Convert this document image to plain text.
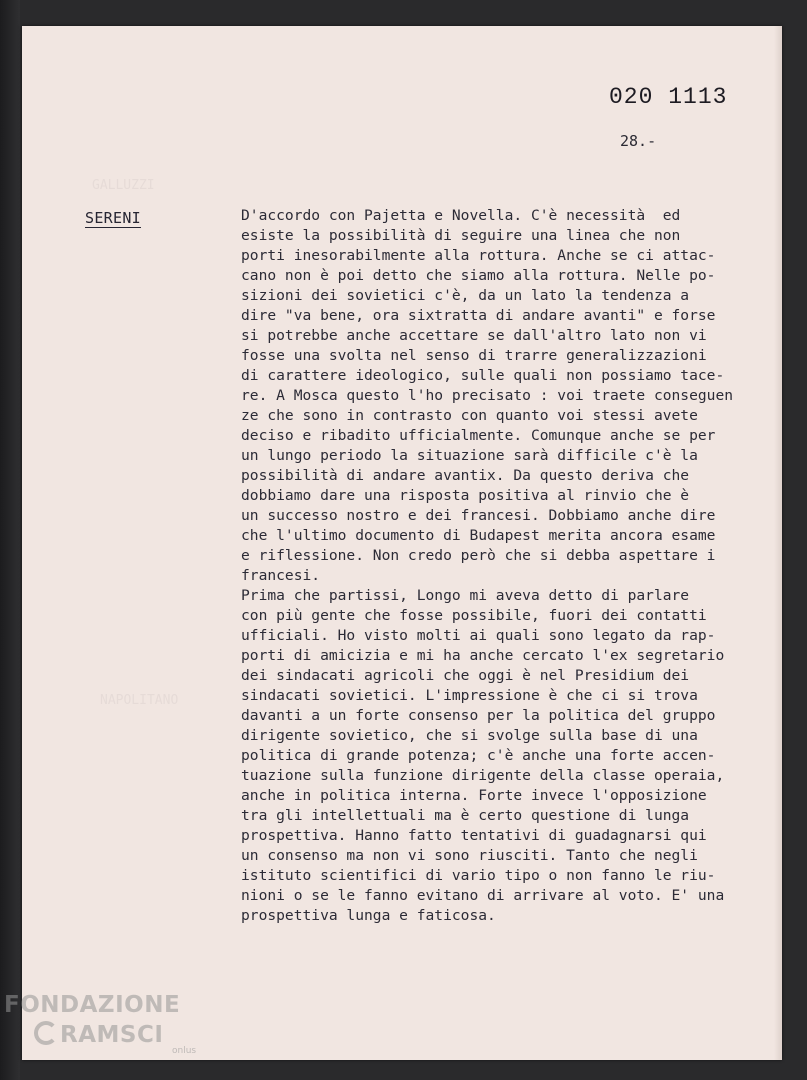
GALLUZZI
NAPOLITANO
020 1113
28.-
SERENI	D'accordo con Pajetta e Novella. C'è necessità  ed
esiste la possibilità di seguire una linea che non
porti inesorabilmente alla rottura. Anche se ci attac-
cano non è poi detto che siamo alla rottura. Nelle po-
sizioni dei sovietici c'è, da un lato la tendenza a
dire "va bene, ora sixtratta di andare avanti" e forse
si potrebbe anche accettare se dall'altro lato non vi
fosse una svolta nel senso di trarre generalizzazioni
di carattere ideologico, sulle quali non possiamo tace-
re. A Mosca questo l'ho precisato : voi traete conseguen
ze che sono in contrasto con quanto voi stessi avete
deciso e ribadito ufficialmente. Comunque anche se per
un lungo periodo la situazione sarà difficile c'è la
possibilità di andare avantix. Da questo deriva che
dobbiamo dare una risposta positiva al rinvio che è
un successo nostro e dei francesi. Dobbiamo anche dire
che l'ultimo documento di Budapest merita ancora esame
e riflessione. Non credo però che si debba aspettare i
francesi.
Prima che partissi, Longo mi aveva detto di parlare
con più gente che fosse possibile, fuori dei contatti
ufficiali. Ho visto molti ai quali sono legato da rap-
porti di amicizia e mi ha anche cercato l'ex segretario
dei sindacati agricoli che oggi è nel Presidium dei
sindacati sovietici. L'impressione è che ci si trova
davanti a un forte consenso per la politica del gruppo
dirigente sovietico, che si svolge sulla base di una
politica di grande potenza; c'è anche una forte accen-
tuazione sulla funzione dirigente della classe operaia,
anche in politica interna. Forte invece l'opposizione
tra gli intellettuali ma è certo questione di lunga
prospettiva. Hanno fatto tentativi di guadagnarsi qui
un consenso ma non vi sono riusciti. Tanto che negli
istituto scientifici di vario tipo o non fanno le riu-
nioni o se le fanno evitano di arrivare al voto. E' una
prospettiva lunga e faticosa.
FONDAZIONE
RAMSCI
onlus
